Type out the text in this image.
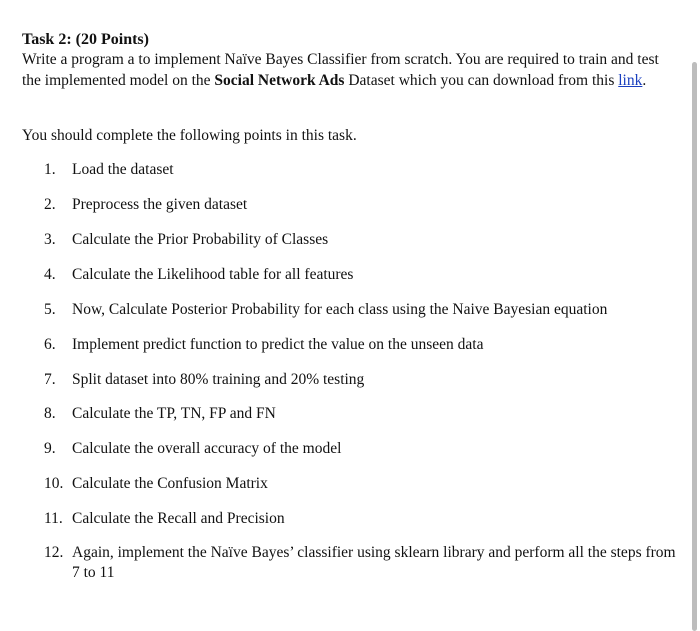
Task 2: (20 Points)
Write a program a to implement Naïve Bayes Classifier from scratch. You are required to train and test the implemented model on the Social Network Ads Dataset which you can download from this link.
You should complete the following points in this task.
1.	Load the dataset
2.	Preprocess the given dataset
3.	Calculate the Prior Probability of Classes
4.	Calculate the Likelihood table for all features
5.	Now, Calculate Posterior Probability for each class using the Naive Bayesian equation
6.	Implement predict function to predict the value on the unseen data
7.	Split dataset into 80% training and 20% testing
8.	Calculate the TP, TN, FP and FN
9.	Calculate the overall accuracy of the model
10. Calculate the Confusion Matrix
11. Calculate the Recall and Precision
12. Again, implement the Naïve Bayes’ classifier using sklearn library and perform all the steps from 7 to 11
